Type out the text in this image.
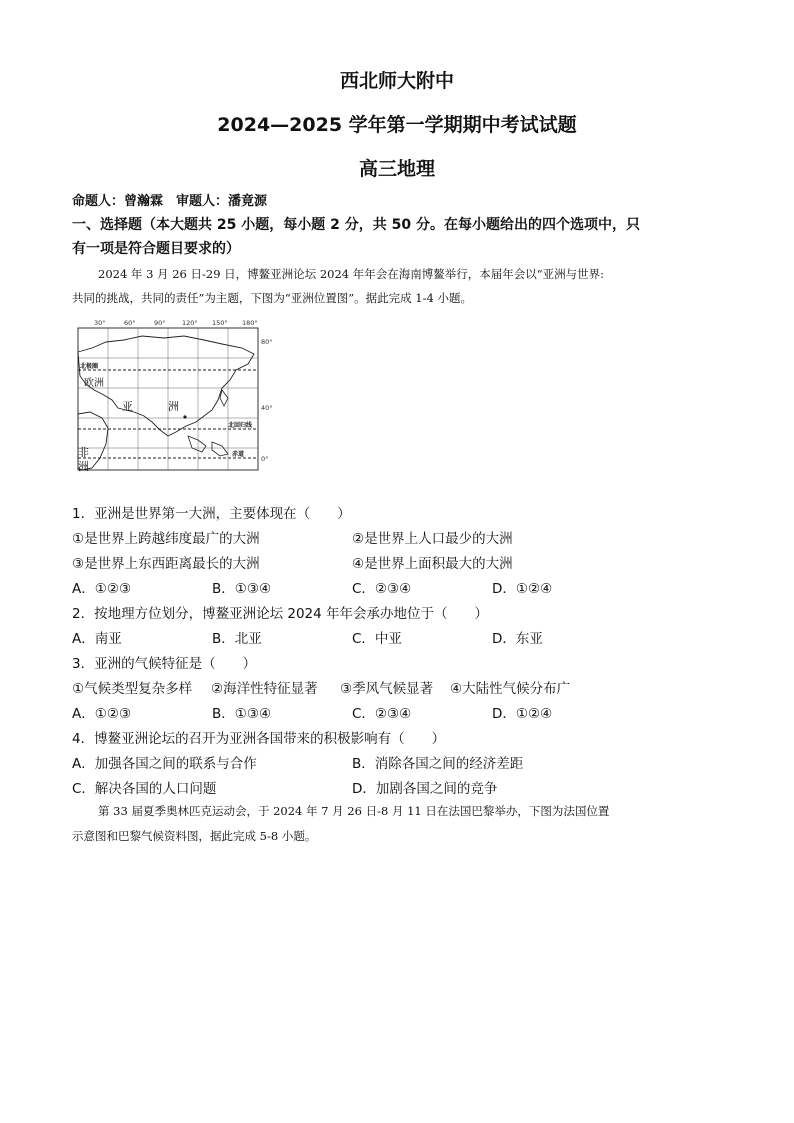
西北师大附中
2024—2025 学年第一学期期中考试试题
高三地理
命题人：曾瀚霖　审题人：潘竟源
一、选择题（本大题共 25 小题，每小题 2 分，共 50 分。在每小题给出的四个选项中，只
有一项是符合题目要求的）
2024 年 3 月 26 日-29 日，博鳌亚洲论坛 2024 年年会在海南博鳌举行，本届年会以“亚洲与世界:
共同的挑战，共同的责任”为主题，下图为“亚洲位置图”。据此完成 1-4 小题。
30°	60°	90°	120° 150° 180°
80°
40°
0°
欧洲
亚	洲
非
洲
北极圈
北回归线
赤道
1．亚洲是世界第一大洲，主要体现在（　　）
①是世界上跨越纬度最广的大洲	②是世界上人口最少的大洲
③是世界上东西距离最长的大洲	④是世界上面积最大的大洲
A．①②③	B．①③④	C．②③④	D．①②④
2．按地理方位划分，博鳌亚洲论坛 2024 年年会承办地位于（　　）
A．南亚	B．北亚	C．中亚	D．东亚
3．亚洲的气候特征是（　　）
①气候类型复杂多样 ②海洋性特征显著 ③季风气候显著 ④大陆性气候分布广
A．①②③	B．①③④	C．②③④	D．①②④
4．博鳌亚洲论坛的召开为亚洲各国带来的积极影响有（　　）
A．加强各国之间的联系与合作	B．消除各国之间的经济差距
C．解决各国的人口问题	D．加剧各国之间的竞争
第 33 届夏季奥林匹克运动会，于 2024 年 7 月 26 日-8 月 11 日在法国巴黎举办，下图为法国位置
示意图和巴黎气候资料图，据此完成 5-8 小题。
